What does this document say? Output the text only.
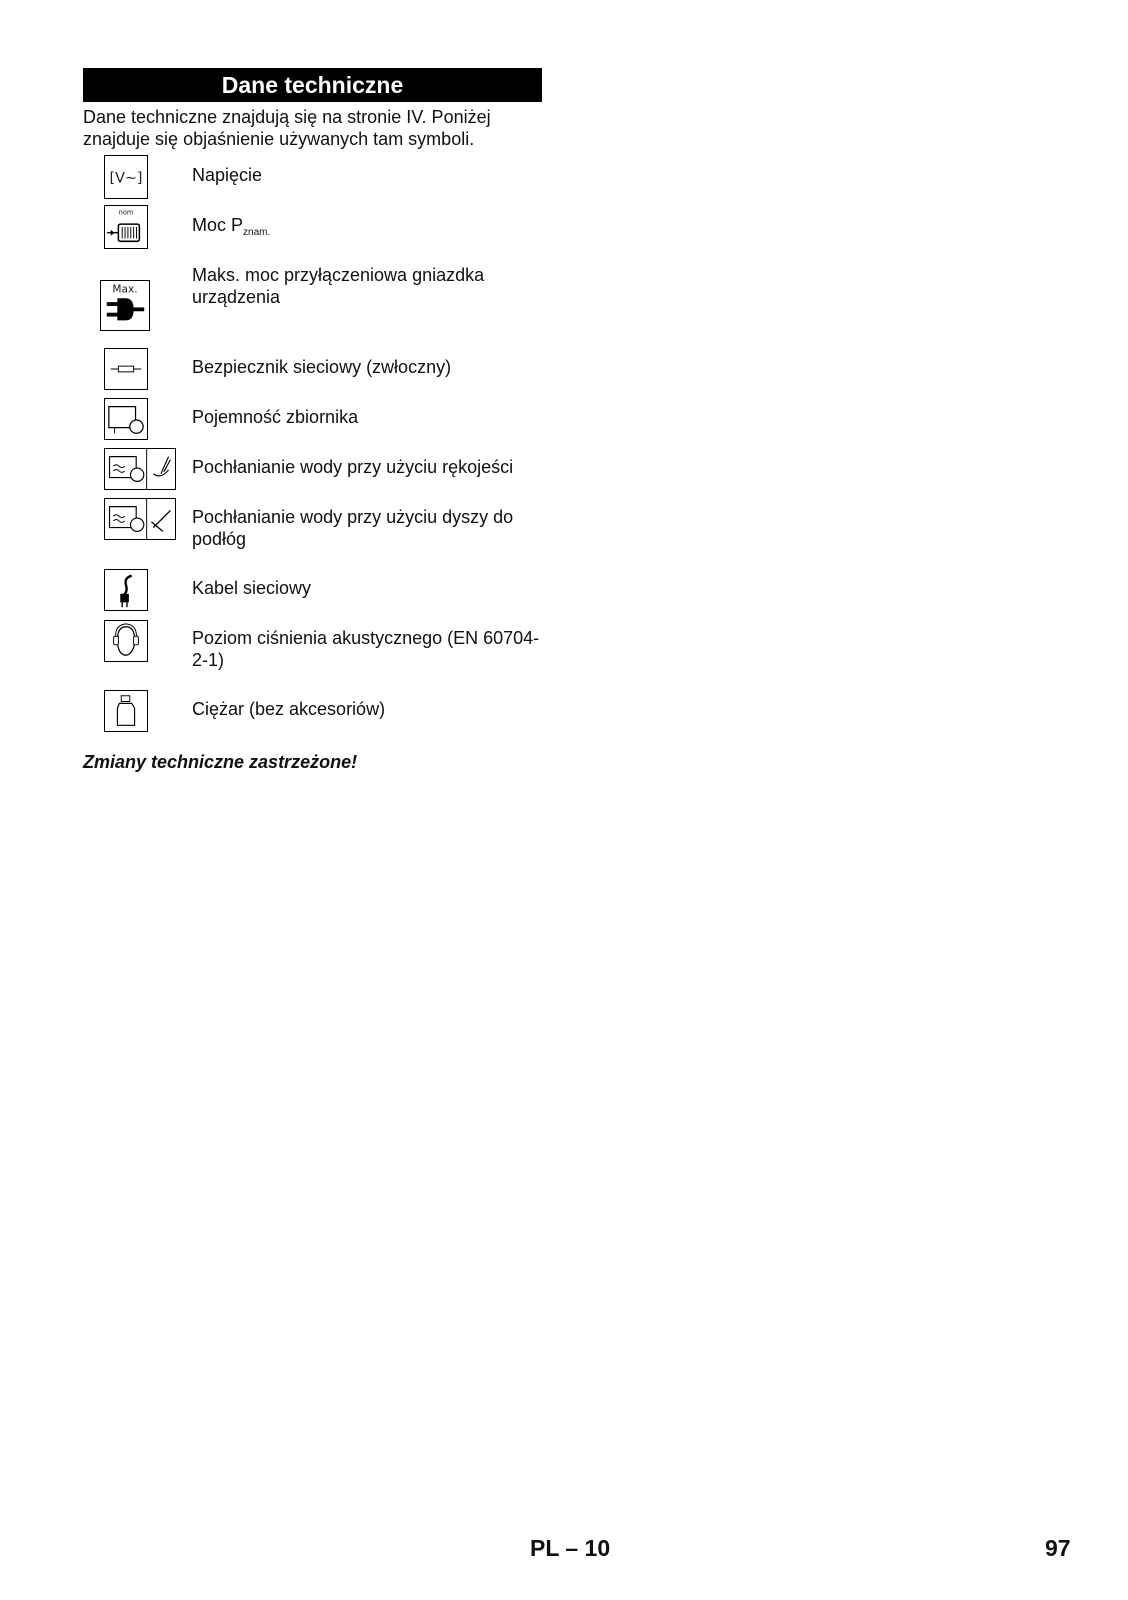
Dane techniczne
Dane techniczne znajdują się na stronie IV. Poniżej znajduje się objaśnienie używanych tam symboli.
[V~]	Napięcie
nom
Moc $P_{znam.}$
Max.
Maks. moc przyłączeniowa gniazdka urządzenia
Bezpiecznik sieciowy (zwłoczny)
Pojemność zbiornika
Pochłanianie wody przy użyciu rękojeści
Pochłanianie wody przy użyciu dyszy do podłóg
Kabel sieciowy
Poziom ciśnienia akustycznego (EN 60704-2-1)
Ciężar (bez akcesoriów)
Zmiany techniczne zastrzeżone!
PL – 10	97
